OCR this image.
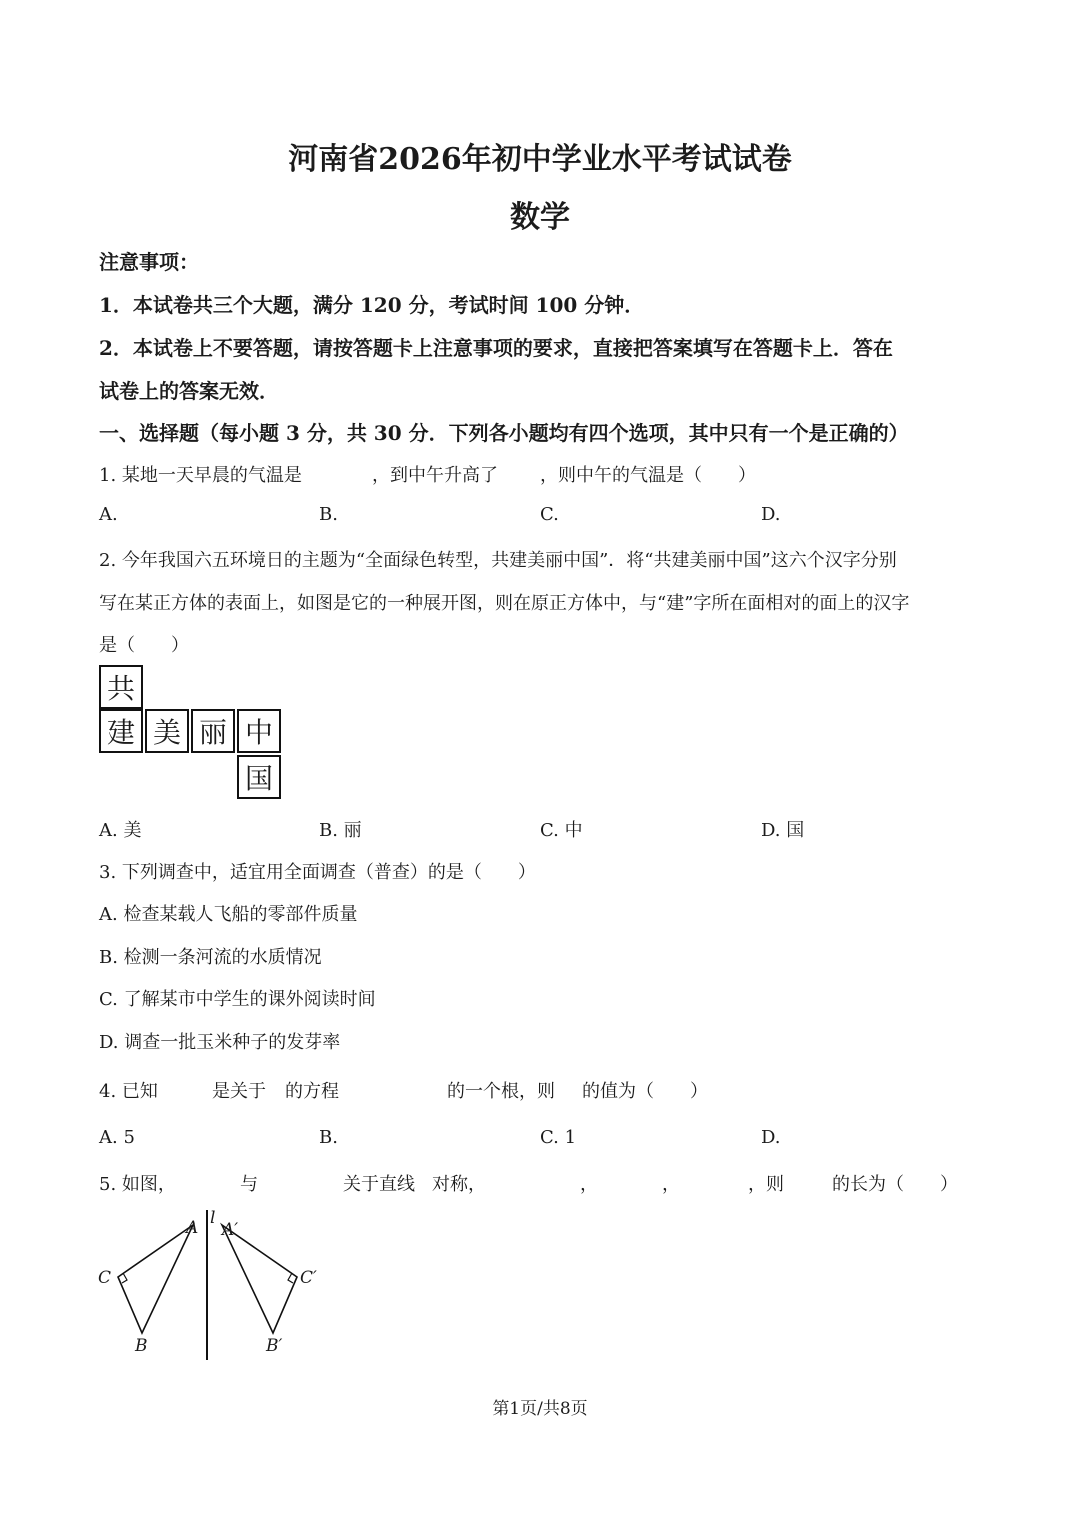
河南省2026年初中学业水平考试试卷
数学
注意事项：
1．本试卷共三个大题，满分 120 分，考试时间 100 分钟．
2．本试卷上不要答题，请按答题卡上注意事项的要求，直接把答案填写在答题卡上．答在
试卷上的答案无效．
一、选择题（每小题 3 分，共 30 分．下列各小题均有四个选项，其中只有一个是正确的）
1. 某地一天早晨的气温是	，到中午升高了 ，则中午的气温是（　　）
A.	B.	C.	D.
2. 今年我国六五环境日的主题为“全面绿色转型，共建美丽中国”．将“共建美丽中国”这六个汉字分别
写在某正方体的表面上，如图是它的一种展开图，则在原正方体中，与“建”字所在面相对的面上的汉字
是（　　）
共
建 美 丽 中
国
A. 美	B. 丽	C. 中	D. 国
3. 下列调查中，适宜用全面调查（普查）的是（　　）
A. 检查某载人飞船的零部件质量
B. 检测一条河流的水质情况
C. 了解某市中学生的课外阅读时间
D. 调查一批玉米种子的发芽率
4. 已知	是关于 的方程	的一个根，则 的值为（　　）
A. 5	B.	C. 1	D.
5. 如图，	与	关于直线 对称，	，	，	，则	的长为（　　）
l
A
C
B
A′
C′
B′
第1页/共8页
